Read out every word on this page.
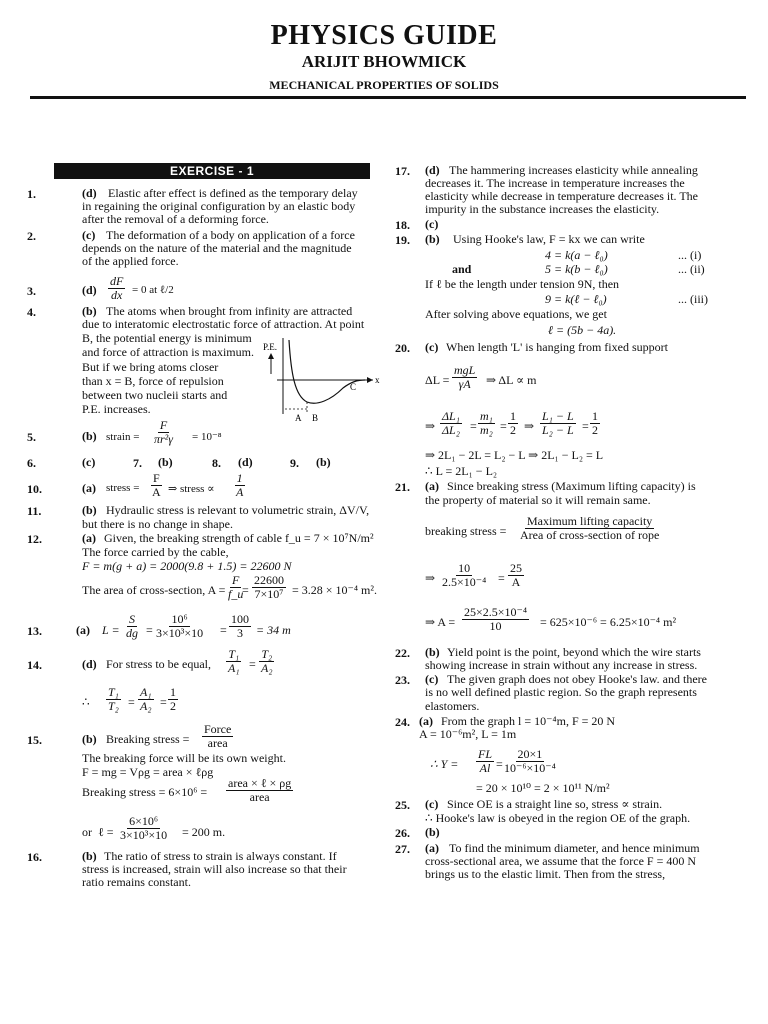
PHYSICS GUIDE
ARIJIT BHOWMICK
MECHANICAL PROPERTIES OF SOLIDS
EXERCISE - 1
1.	(d) Elastic after effect is defined as the temporary delay
in regaining the original configuration by an elastic body
after the removal of a deforming force.
2.	(c) The deformation of a body on application of a force
depends on the nature of the material and the magnitude
of the applied force.
3.	$(d) \frac{dF}{dx} = 0$ at ℓ/2
4.	(b) The atoms when brought from infinity are attracted
due to interatomic electrostatic force of attraction. At point
B, the potential energy is minimum
and force of attraction is maximum.
But if we bring atoms closer
than x = B, force of repulsion
between two nucleii starts and
P.E. increases.
P.E.
x
C
A B
5.	(b) strain = $\frac{F}{\text{πr²γ}} = 10^{-8}$
6.	(c)	7. (b)	8. (d)	9. (b)
10.	(a) stress = $\frac{F}{A}$ ⇒ stress ∝ $\frac{1}{A}$
11.	(b) Hydraulic stress is relevant to volumetric strain, ΔV/V,
but there is no change in shape.
12.	(a) Given, the breaking strength of cable f_u = 7 × 10⁷N/m²
The force carried by the cable,
F = m(g + a) = 2000(9.8 + 1.5) = 22600 N
The area of cross-section, $A = \frac{F}{f\_u}$
= $\frac{22600}{\text{7×10⁷}} = 3.28 \times 10^{-4}$ m².
13.	(a) $L = \frac{S}{dg} = \frac{\text{10⁶}}{\text{3×10³×10}} = \frac{100}{3} = 34$ m
14.	(d) For stress to be equal, $\frac{\text{T₁}}{\text{A₁}} = \frac{\text{T₂}}{\text{A₂}}$
∴ $\frac{\text{T₁}}{\text{T₂}} = \frac{\text{A₁}}{\text{A₂}} = \frac{1}{2}$
15.	(b) Breaking stress =
Force
area
The breaking force will be its own weight.
F = mg = Vρg = area × ℓρg
Breaking stress = 6×10⁶ =
area × ℓ × ρg
area
or ℓ = $\frac{\text{6×10⁶}}{\text{3×10³×10}} = 200$ m.
16.	(b) The ratio of stress to strain is always constant. If
stress is increased, strain will also increase so that their
ratio remains constant.
17. (d) The hammering increases elasticity while annealing
decreases it. The increase in temperature increases the
elasticity while decrease in temperature decreases it. The
impurity in the substance increases the elasticity.
18. (c)
19. (b) Using Hooke's law, F = kx we can write
4 = k(a − ℓ₀)	... (i)
and	5 = k(b − ℓ₀)	... (ii)
If ℓ be the length under tension 9N, then
9 = k(ℓ − ℓ₀)	... (iii)
After solving above equations, we get
ℓ = (5b − 4a).
20. (c) When length 'L' is hanging from fixed support
ΔL =
mgL
γA ⇒ ΔL ∝ m
⇒ $\frac{\text{ΔL₁}}{\text{ΔL₂}} = \frac{\text{m₁}}{\text{m₂}} = \frac{1}{2}$ ⇒ $\frac{\text{L₁ − L}}{\text{L₂ − L}} = \frac{1}{2}$
⇒ 2L₁ − 2L = L₂ − L ⇒ 2L₁ − L₂ = L
∴ L = 2L₁ − L₂
21. (a) Since breaking stress (Maximum lifting capacity) is
the property of material so it will remain same.
breaking stress =
Maximum lifting capacity
Area of cross-section of rope
⇒ $\frac{10}{\text{2.5×10⁻⁴}} = \frac{25}{A}$
⇒ $A = \frac{\text{25×2.5×10⁻⁴}}{10} = 625\times 10^{-6} = 6.25\times 10^{-4}$ m²
22. (b) Yield point is the point, beyond which the wire starts
showing increase in strain without any increase in stress.
23. (c) The given graph does not obey Hooke's law. and there
is no well defined plastic region. So the graph represents
elastomers.
24. (a) From the graph l = 10⁻⁴m, F = 20 N
A = 10⁻⁶m², L = 1m
∴ $Y = \frac{FL}{Al} = \frac{20\times 1}{\text{10⁻⁶×10⁻⁴}}$
= 20 × 10¹⁰ = 2 × 10¹¹ N/m²
25. (c) Since OE is a straight line so, stress ∝ strain.
∴ Hooke's law is obeyed in the region OE of the graph.
26. (b)
27. (a) To find the minimum diameter, and hence minimum
cross-sectional area, we assume that the force F = 400 N
brings us to the elastic limit. Then from the stress,
